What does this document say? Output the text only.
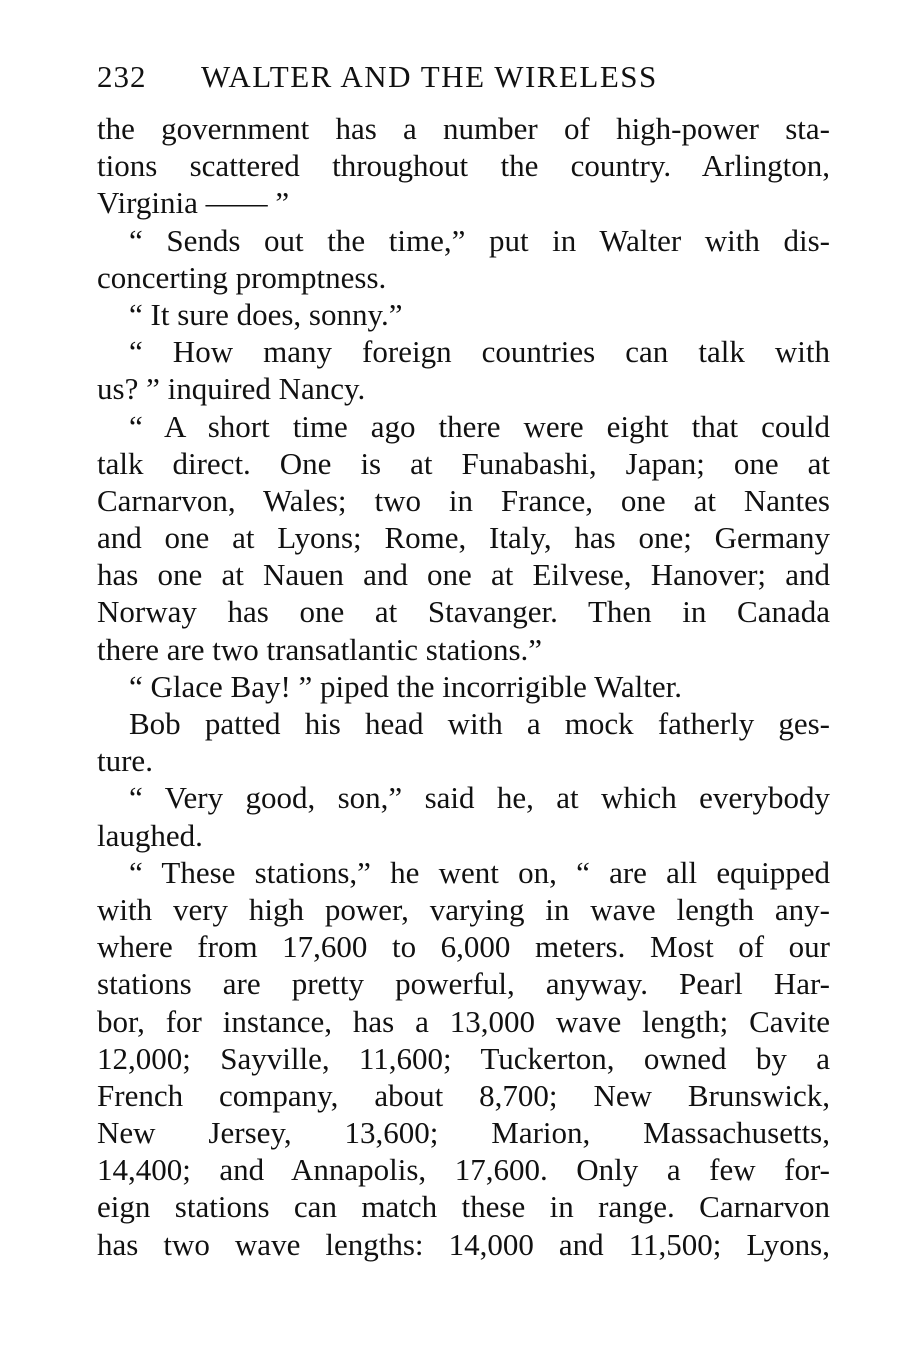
232 WALTER AND THE WIRELESS
the government has a number of high-power sta-
tions scattered throughout the country. Arlington,
Virginia —— ”
“ Sends out the time,” put in Walter with dis-
concerting promptness.
“ It sure does, sonny.”
“ How many foreign countries can talk with
us? ” inquired Nancy.
“ A short time ago there were eight that could
talk direct. One is at Funabashi, Japan; one at
Carnarvon, Wales; two in France, one at Nantes
and one at Lyons; Rome, Italy, has one; Germany
has one at Nauen and one at Eilvese, Hanover; and
Norway has one at Stavanger. Then in Canada
there are two transatlantic stations.”
“ Glace Bay! ” piped the incorrigible Walter.
Bob patted his head with a mock fatherly ges-
ture.
“ Very good, son,” said he, at which everybody
laughed.
“ These stations,” he went on, “ are all equipped
with very high power, varying in wave length any-
where from 17,600 to 6,000 meters. Most of our
stations are pretty powerful, anyway. Pearl Har-
bor, for instance, has a 13,000 wave length; Cavite
12,000; Sayville, 11,600; Tuckerton, owned by a
French company, about 8,700; New Brunswick,
New Jersey, 13,600; Marion, Massachusetts,
14,400; and Annapolis, 17,600. Only a few for-
eign stations can match these in range. Carnarvon
has two wave lengths: 14,000 and 11,500; Lyons,
